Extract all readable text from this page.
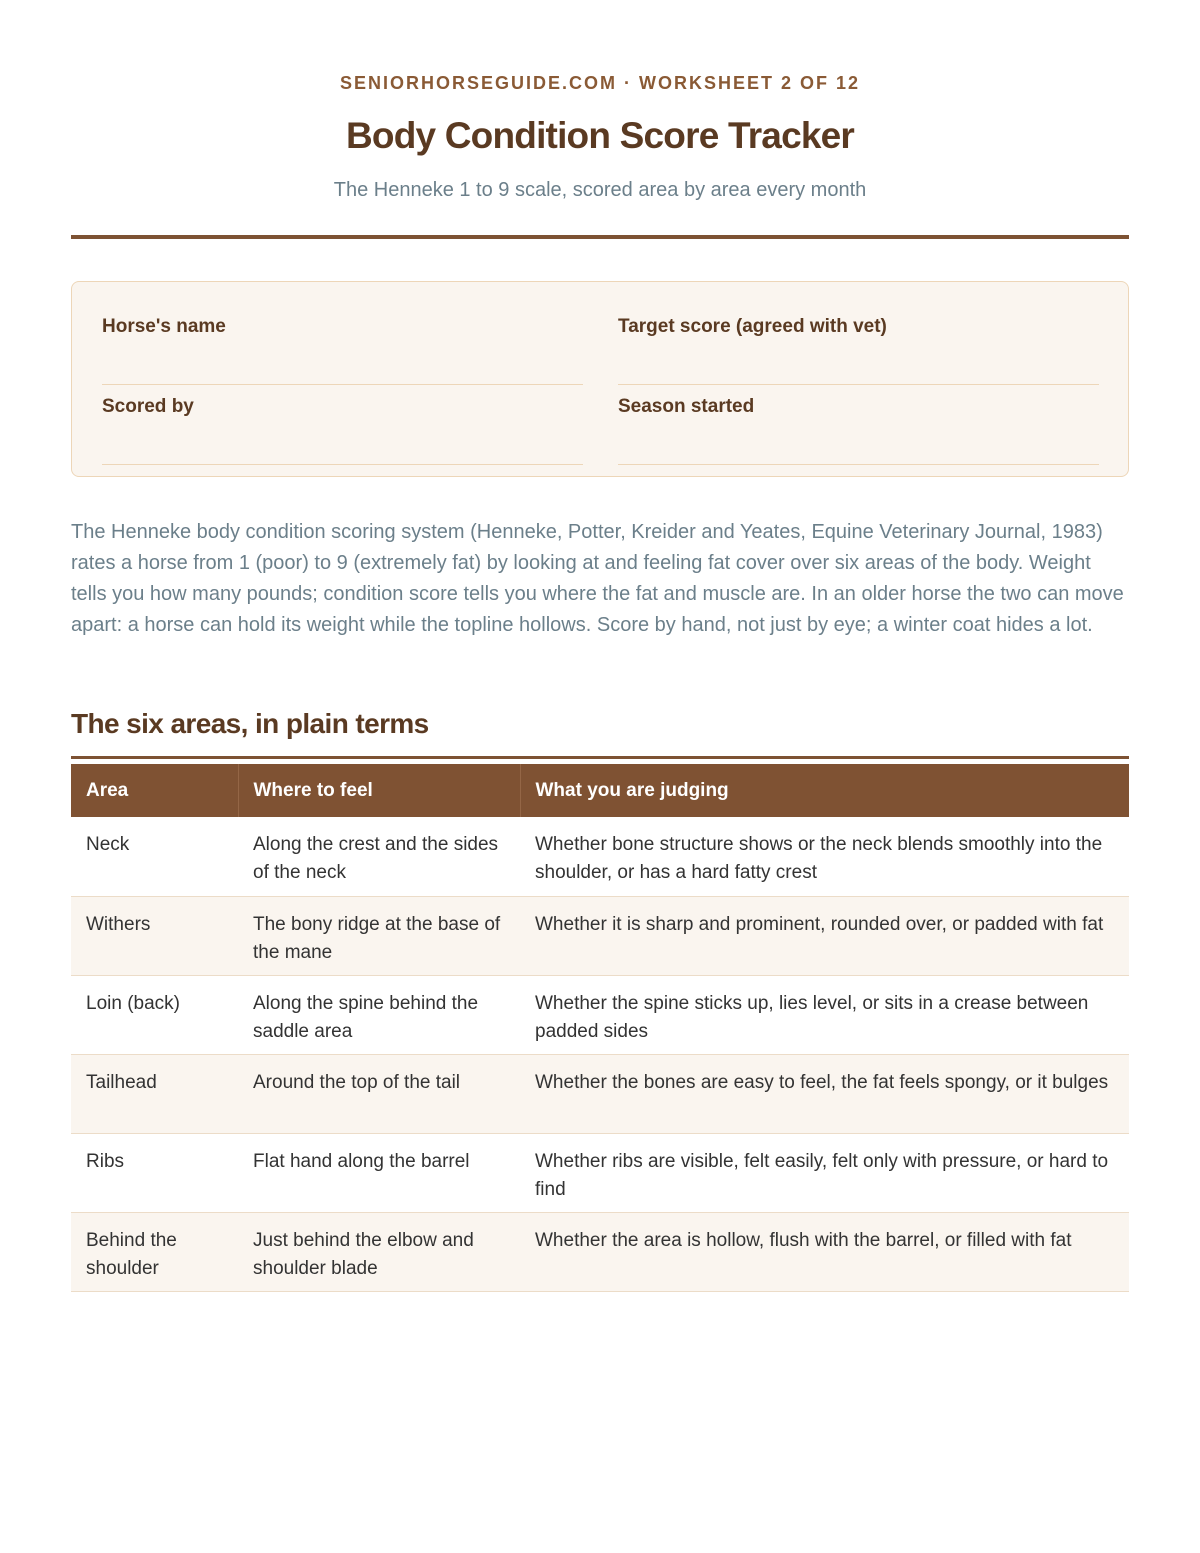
SENIORHORSEGUIDE.COM · WORKSHEET 2 OF 12
Body Condition Score Tracker
The Henneke 1 to 9 scale, scored area by area every month
Horse's name	Target score (agreed with vet)
Scored by	Season started

The Henneke body condition scoring system (Henneke, Potter, Kreider and Yeates, Equine Veterinary Journal, 1983) rates a horse from 1 (poor) to 9 (extremely fat) by looking at and feeling fat cover over six areas of the body. Weight tells you how many pounds; condition score tells you where the fat and muscle are. In an older horse the two can move apart: a horse can hold its weight while the topline hollows. Score by hand, not just by eye; a winter coat hides a lot.

The six areas, in plain terms
Area	Where to feel	What you are judging
Neck	Along the crest and the sides of the neck	Whether bone structure shows or the neck blends smoothly into the shoulder, or has a hard fatty crest
Withers	The bony ridge at the base of the mane	Whether it is sharp and prominent, rounded over, or padded with fat
Loin (back)	Along the spine behind the saddle area	Whether the spine sticks up, lies level, or sits in a crease between padded sides
Tailhead	Around the top of the tail	Whether the bones are easy to feel, the fat feels spongy, or it bulges
Ribs	Flat hand along the barrel	Whether ribs are visible, felt easily, felt only with pressure, or hard to find
Behind the shoulder	Just behind the elbow and shoulder blade	Whether the area is hollow, flush with the barrel, or filled with fat
